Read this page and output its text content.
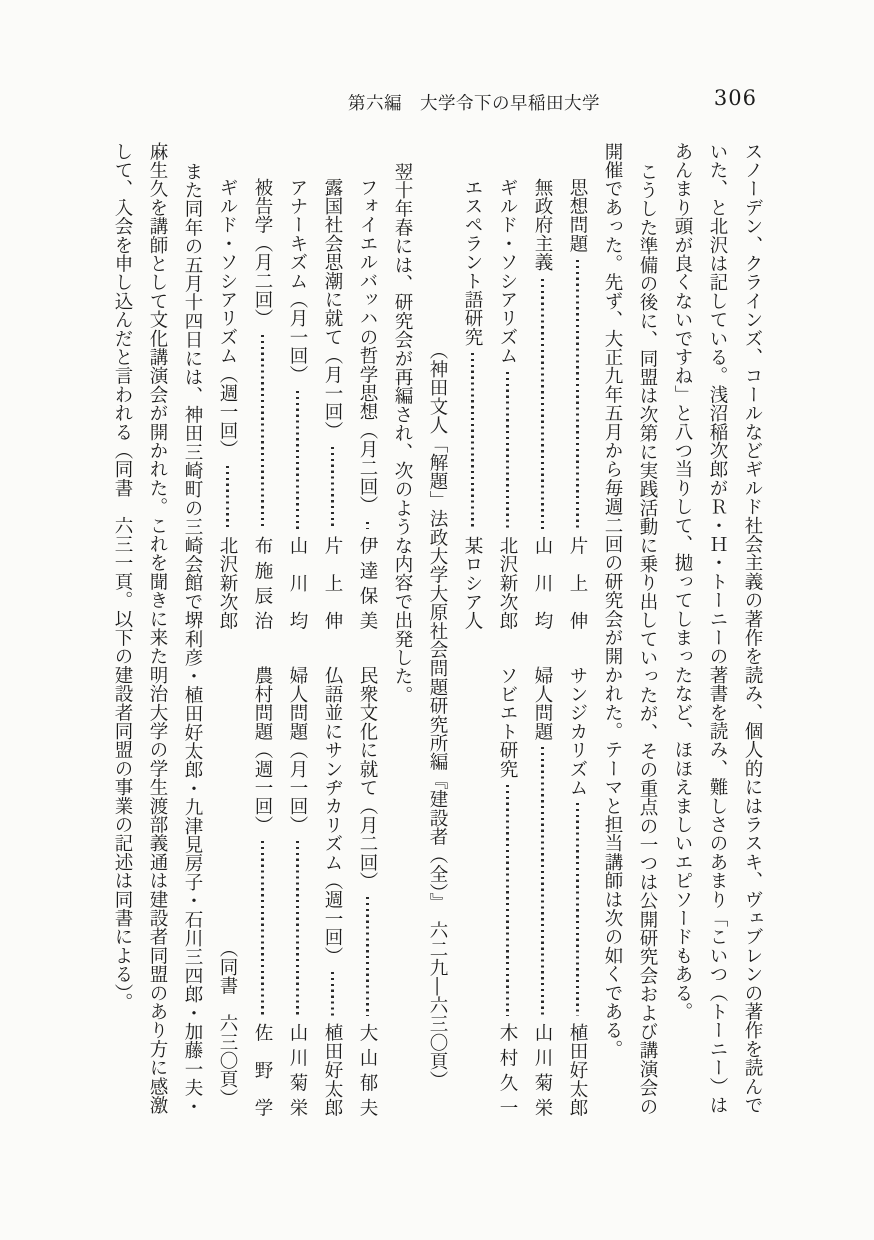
第六編　大学令下の早稲田大学	306

スノーデン、クラインズ、コールなどギルド社会主義の著作を読み、個人的にはラスキ、ヴェブレンの著作を読んでいた、と北沢は記している。浅沼稲次郎がＲ・Ｈ・トーニーの著書を読み、難しさのあまり「こいつ（トーニー）はあんまり頭が良くないですね」と八つ当りして、拋ってしまったなど、ほほえましいエピソードもある。

こうした準備の後に、同盟は次第に実践活動に乗り出していったが、その重点の一つは公開研究会および講演会の開催であった。先ず、大正九年五月から毎週二回の研究会が開かれた。テーマと担当講師は次の如くである。

思想問題
片上伸
サンジカリズム
植田好太郎
無政府主義
山川均
婦人問題
山川菊栄
ギルド・ソシアリズム
北沢新次郎
ソビエト研究
木村久一
エスペラント語研究
某ロシア人

（神田文人「解題」法政大学大原社会問題研究所編『建設者（全）』　六二九―六三〇頁）

翌十年春には、研究会が再編され、次のような内容で出発した。

フォイエルバッハの哲学思想（月二回）
伊達保美
民衆文化に就て（月二回）
大山郁夫
露国社会思潮に就て（月一回）
片上伸
仏語並にサンヂカリズム（週一回）
植田好太郎
アナーキズム（月一回）
山川均
婦人問題（月一回）
山川菊栄
被告学（月二回）
布施辰治
農村問題（週一回）
佐野学
ギルド・ソシアリズム（週一回）
北沢新次郎
（同書　六三〇頁）

また同年の五月十四日には、神田三崎町の三崎会館で堺利彦・植田好太郎・九津見房子・石川三四郎・加藤一夫・麻生久を講師として文化講演会が開かれた。これを聞きに来た明治大学の学生渡部義通は建設者同盟のあり方に感激して、入会を申し込んだと言われる（同書　六三一頁。以下の建設者同盟の事業の記述は同書による）。
